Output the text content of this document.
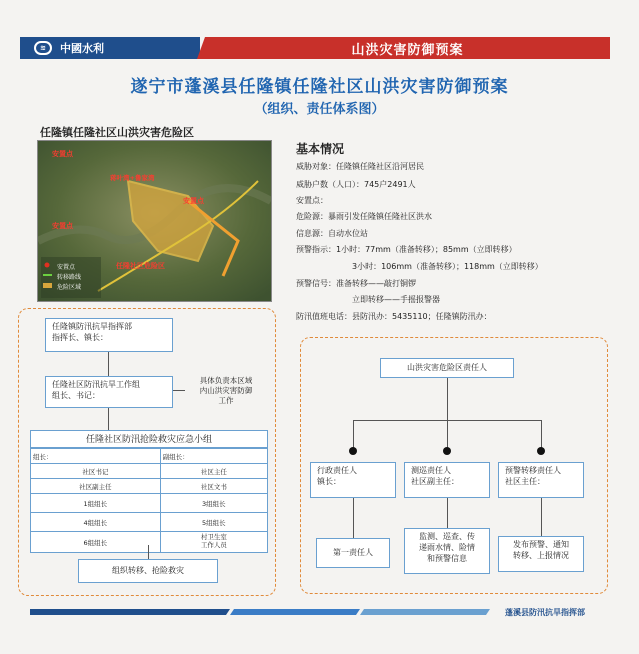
≋	中國水利	山洪灾害防御预案
遂宁市蓬溪县任隆镇任隆社区山洪灾害防御预案
（组织、责任体系图）
任隆镇任隆社区山洪灾害危险区
安置点
安置点
安置点
蒋叶湾+鲁家湾
任隆社区危险区
安置点
转移路线
危险区域
基本情况
威胁对象：任隆镇任隆社区沿河居民
威胁户数（人口）：745户2491人
安置点：
危险源：暴雨引发任隆镇任隆社区洪水
信息源：自动水位站
预警指示：1小时：77mm（准备转移）；85mm（立即转移）
3小时：106mm（准备转移）；118mm（立即转移）
预警信号：准备转移——敲打铜锣
立即转移——手摇报警器
防汛值班电话：县防汛办：5435110；任隆镇防汛办：
任隆镇防汛抗旱指挥部
指挥长、镇长：
任隆社区防汛抗旱工作组
组长、书记：
具体负责本区域
内山洪灾害防御
工作
任隆社区防汛抢险救灾应急小组
组长：	副组长：
社区书记	社区主任
社区副主任	社区文书
1组组长	3组组长
4组组长	5组组长
6组组长	村卫生室
工作人员
组织转移、抢险救灾
山洪灾害危险区责任人
行政责任人
镇长：
测巡责任人
社区副主任：
预警转移责任人
社区主任：
第一责任人
监测、巡查、传
递雨水情、险情
和预警信息
发布预警、通知
转移、上报情况
蓬溪县防汛抗旱指挥部
